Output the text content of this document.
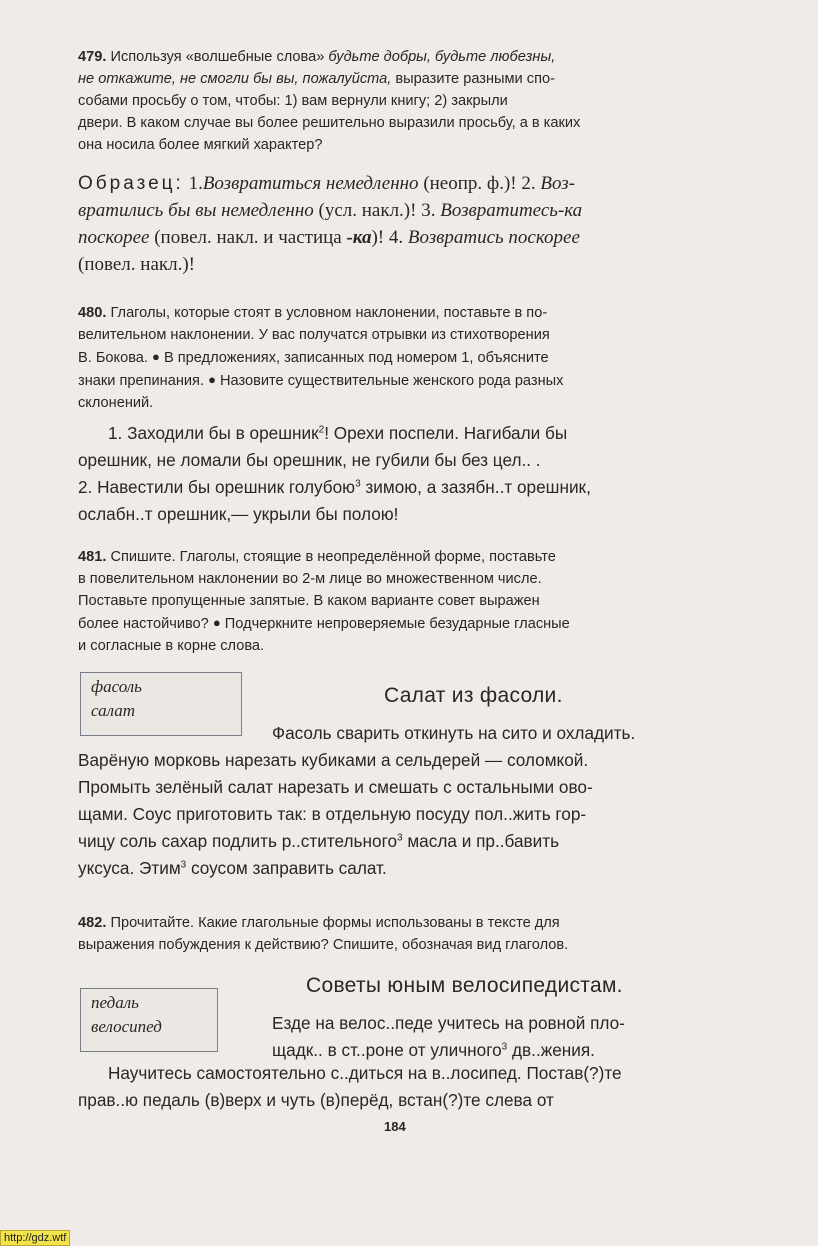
479. Используя «волшебные слова» будьте добры, будьте любезны,
не откажите, не смогли бы вы, пожалуйста, выразите разными спо-
собами просьбу о том, чтобы: 1) вам вернули книгу; 2) закрыли
двери. В каком случае вы более решительно выразили просьбу, а в каких
она носила более мягкий характер?
Образец: 1.Возвратиться немедленно (неопр. ф.)! 2. Воз-
вратились бы вы немедленно (усл. накл.)! 3. Возвратитесь-ка
поскорее (повел. накл. и частица -ка)! 4. Возвратись поскорее
(повел. накл.)!
480. Глаголы, которые стоят в условном наклонении, поставьте в по-
велительном наклонении. У вас получатся отрывки из стихотворения
В. Бокова. ● В предложениях, записанных под номером 1, объясните
знаки препинания. ● Назовите существительные женского рода разных
склонений.
1. Заходили бы в орешник$^2$! Орехи поспели. Нагибали бы
орешник, не ломали бы орешник, не губили бы без цел.. .
2. Навестили бы орешник голубою$^3$ зимою, а зазябн..т орешник,
ослабн..т орешник,— укрыли бы полою!
481. Спишите. Глаголы, стоящие в неопределённой форме, поставьте
в повелительном наклонении во 2-м лице во множественном числе.
Поставьте пропущенные запятые. В каком варианте совет выражен
более настойчиво? ● Подчеркните непроверяемые безударные гласные
и согласные в корне слова.
фасоль
салат
Салат из фасоли.
Фасоль сварить откинуть на сито и охладить.
Варёную морковь нарезать кубиками а сельдерей — соломкой.
Промыть зелёный салат нарезать и смешать с остальными ово-
щами. Соус приготовить так: в отдельную посуду пол..жить гор-
чицу соль сахар подлить р..стительного$^3$ масла и пр..бавить
уксуса. Этим$^3$ соусом заправить салат.
482. Прочитайте. Какие глагольные формы использованы в тексте для
выражения побуждения к действию? Спишите, обозначая вид глаголов.
педаль
велосипед
Советы юным велосипедистам.
Езде на велос..педе учитесь на ровной пло-
щадк.. в ст..роне от уличного$^3$ дв..жения.
Научитесь самостоятельно с..диться на в..лосипед. Постав(?)те
прав..ю педаль (в)верх и чуть (в)перёд, встан(?)те слева от
184
http://gdz.wtf
